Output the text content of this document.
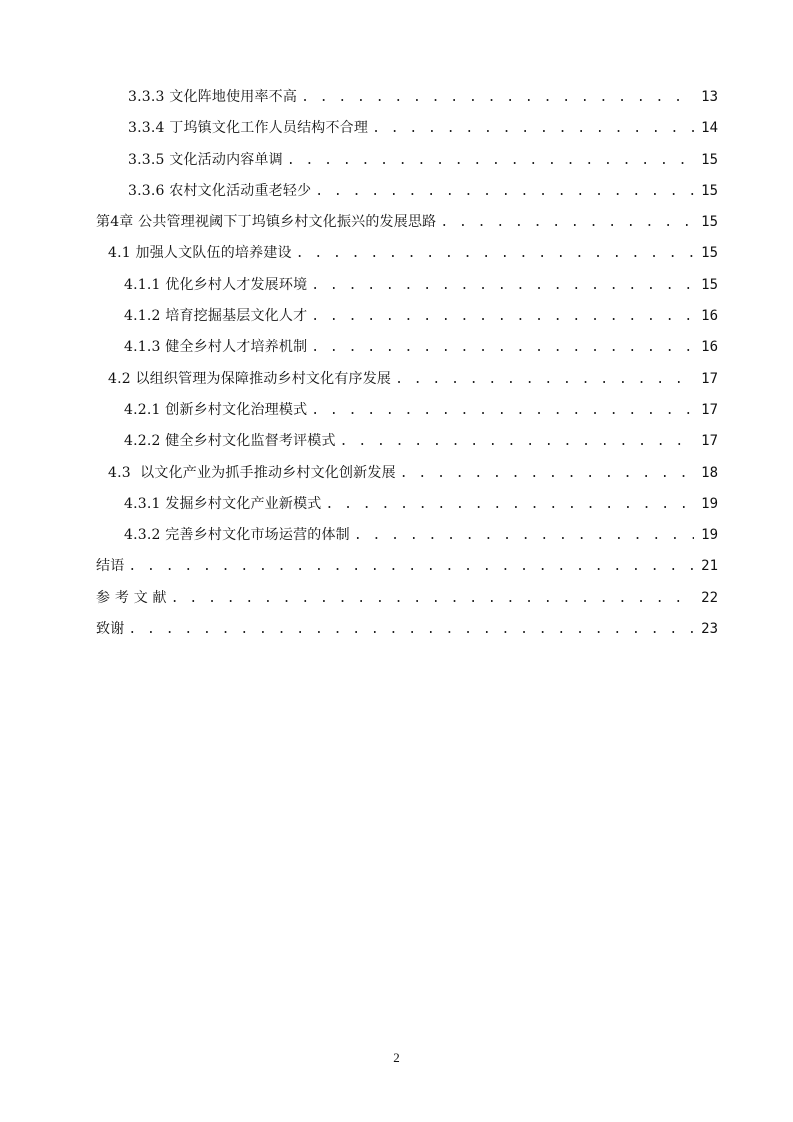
3.3.3 文化阵地使用率不高 . . .	13
3.3.4 丁坞镇文化工作人员结构不合理 . . .	14
3.3.5 文化活动内容单调 . . .	15
3.3.6 农村文化活动重老轻少 . . .	15
第4章 公共管理视阈下丁坞镇乡村文化振兴的发展思路 . . .	15
4.1 加强人文队伍的培养建设 . . .	15
4.1.1 优化乡村人才发展环境 . . .	15
4.1.2 培育挖掘基层文化人才 . . .	16
4.1.3 健全乡村人才培养机制 . . .	16
4.2 以组织管理为保障推动乡村文化有序发展 . . .	17
4.2.1 创新乡村文化治理模式 . . .	17
4.2.2 健全乡村文化监督考评模式 . . .	17
4.3  以文化产业为抓手推动乡村文化创新发展 . . .	18
4.3.1 发掘乡村文化产业新模式 . . .	19
4.3.2 完善乡村文化市场运营的体制 . . .	19
结语 . . .	21
参 考 文 献 . . .	22
致谢 . . .	23
2
